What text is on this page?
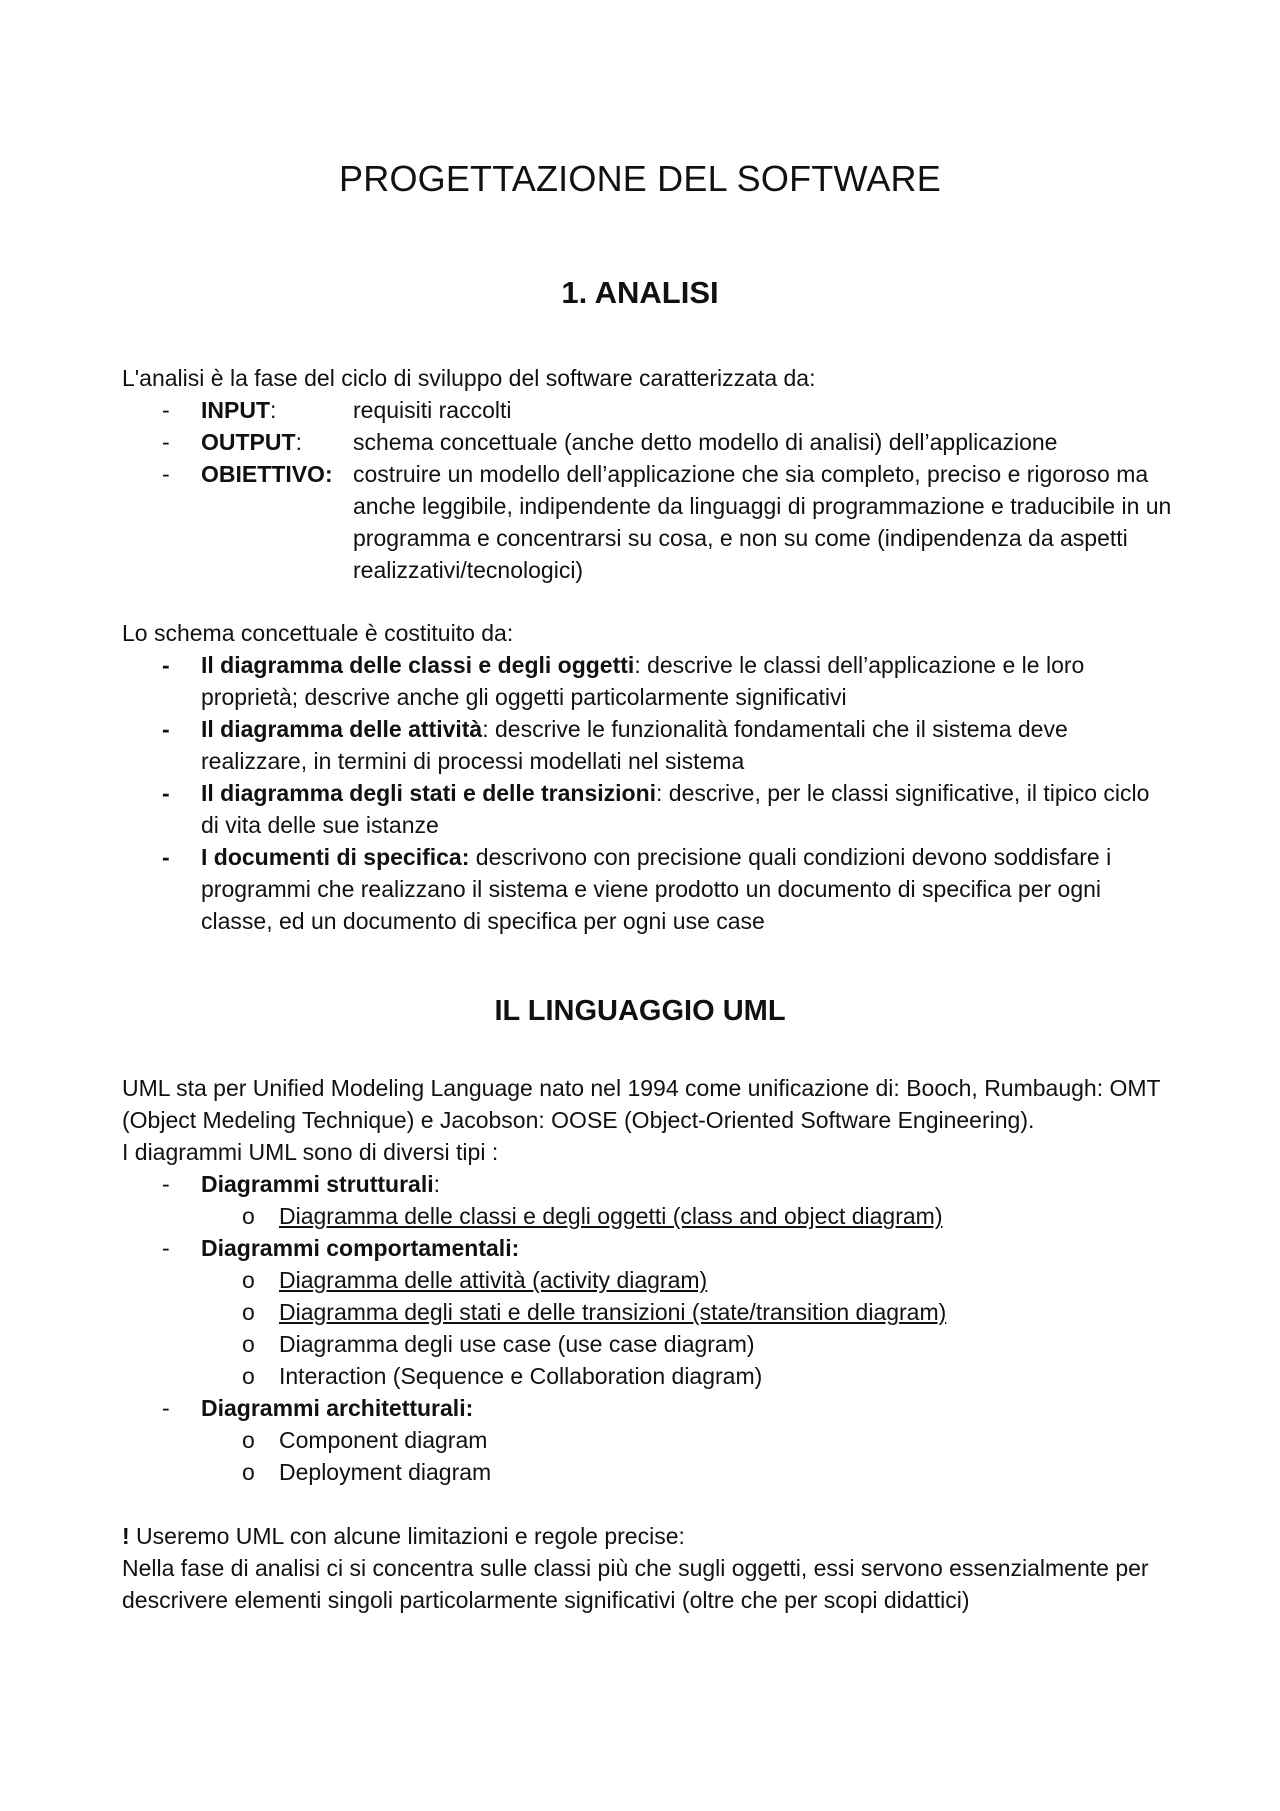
PROGETTAZIONE DEL SOFTWARE
1. ANALISI

L'analisi è la fase del ciclo di sviluppo del software caratterizzata da:

-	INPUT:	requisiti raccolti
-	OUTPUT:	schema concettuale (anche detto modello di analisi) dell’applicazione
-	OBIETTIVO: costruire un modello dell’applicazione che sia completo, preciso e rigoroso ma anche leggibile, indipendente da linguaggi di programmazione e traducibile in un programma e concentrarsi su cosa, e non su come (indipendenza da aspetti realizzativi/tecnologici)

Lo schema concettuale è costituito da:

-	Il diagramma delle classi e degli oggetti: descrive le classi dell’applicazione e le loro proprietà; descrive anche gli oggetti particolarmente significativi
-	Il diagramma delle attività: descrive le funzionalità fondamentali che il sistema deve realizzare, in termini di processi modellati nel sistema
-	Il diagramma degli stati e delle transizioni: descrive, per le classi significative, il tipico ciclo di vita delle sue istanze
-	I documenti di specifica: descrivono con precisione quali condizioni devono soddisfare i programmi che realizzano il sistema e viene prodotto un documento di specifica per ogni classe, ed un documento di specifica per ogni use case
IL LINGUAGGIO UML

UML sta per Unified Modeling Language nato nel 1994 come unificazione di: Booch, Rumbaugh: OMT (Object Medeling Technique) e Jacobson: OOSE (Object-Oriented Software Engineering).

I diagrammi UML sono di diversi tipi :

-	Diagrammi strutturali:
o	Diagramma delle classi e degli oggetti (class and object diagram)
-	Diagrammi comportamentali:
o	Diagramma delle attività (activity diagram)
o	Diagramma degli stati e delle transizioni (state/transition diagram)
o	Diagramma degli use case (use case diagram)
o	Interaction (Sequence e Collaboration diagram)
-	Diagrammi architetturali:
o	Component diagram
o	Deployment diagram

! Useremo UML con alcune limitazioni e regole precise:

Nella fase di analisi ci si concentra sulle classi più che sugli oggetti, essi servono essenzialmente per descrivere elementi singoli particolarmente significativi (oltre che per scopi didattici)
